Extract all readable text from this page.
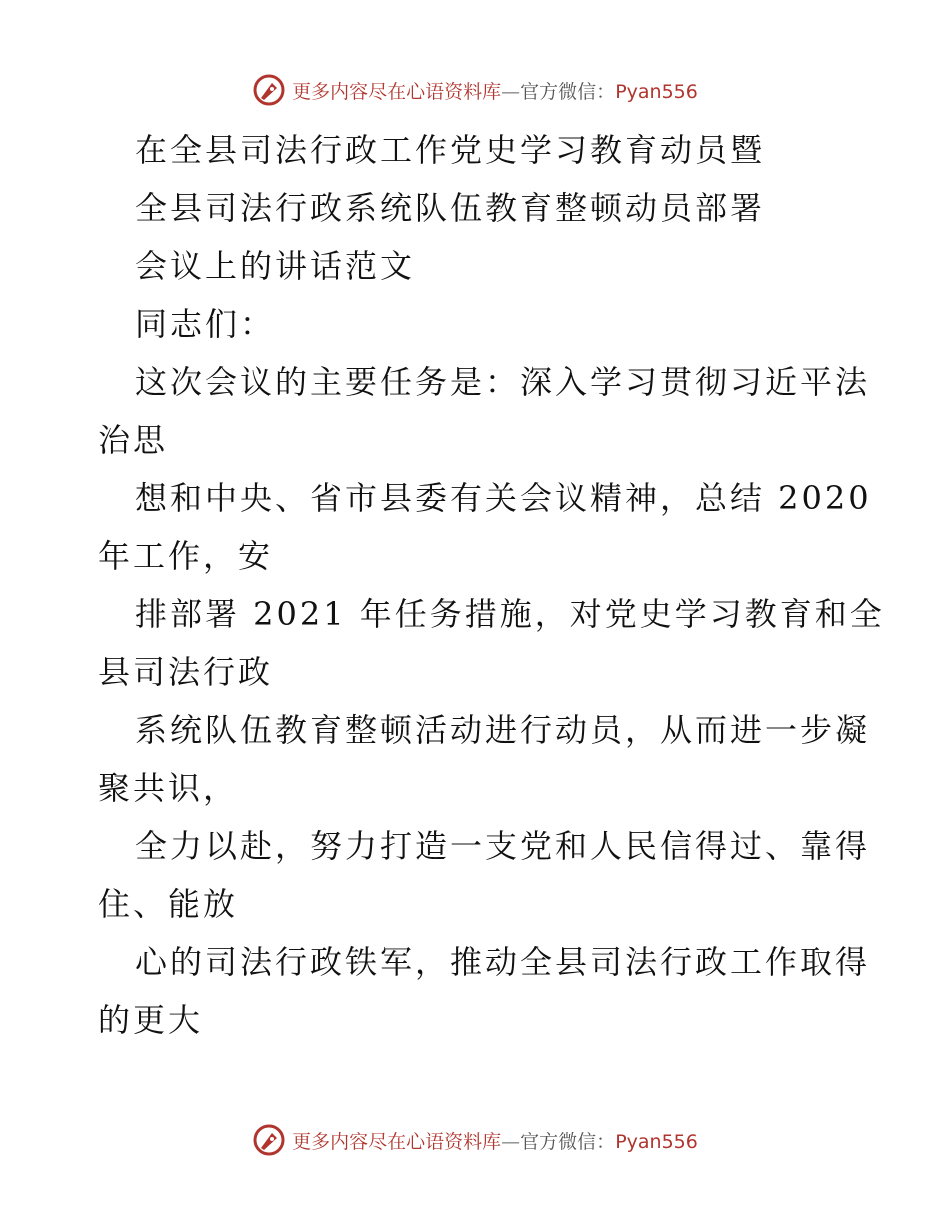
更多内容尽在心语资料库—官方微信：Pyan556
在全县司法行政工作党史学习教育动员暨
全县司法行政系统队伍教育整顿动员部署
会议上的讲话范文
同志们：
这次会议的主要任务是：深入学习贯彻习近平法
治思
想和中央、省市县委有关会议精神，总结 2020
年工作，安
排部署 2021 年任务措施，对党史学习教育和全
县司法行政
系统队伍教育整顿活动进行动员，从而进一步凝
聚共识，
全力以赴，努力打造一支党和人民信得过、靠得
住、能放
心的司法行政铁军，推动全县司法行政工作取得
的更大
更多内容尽在心语资料库—官方微信：Pyan556
